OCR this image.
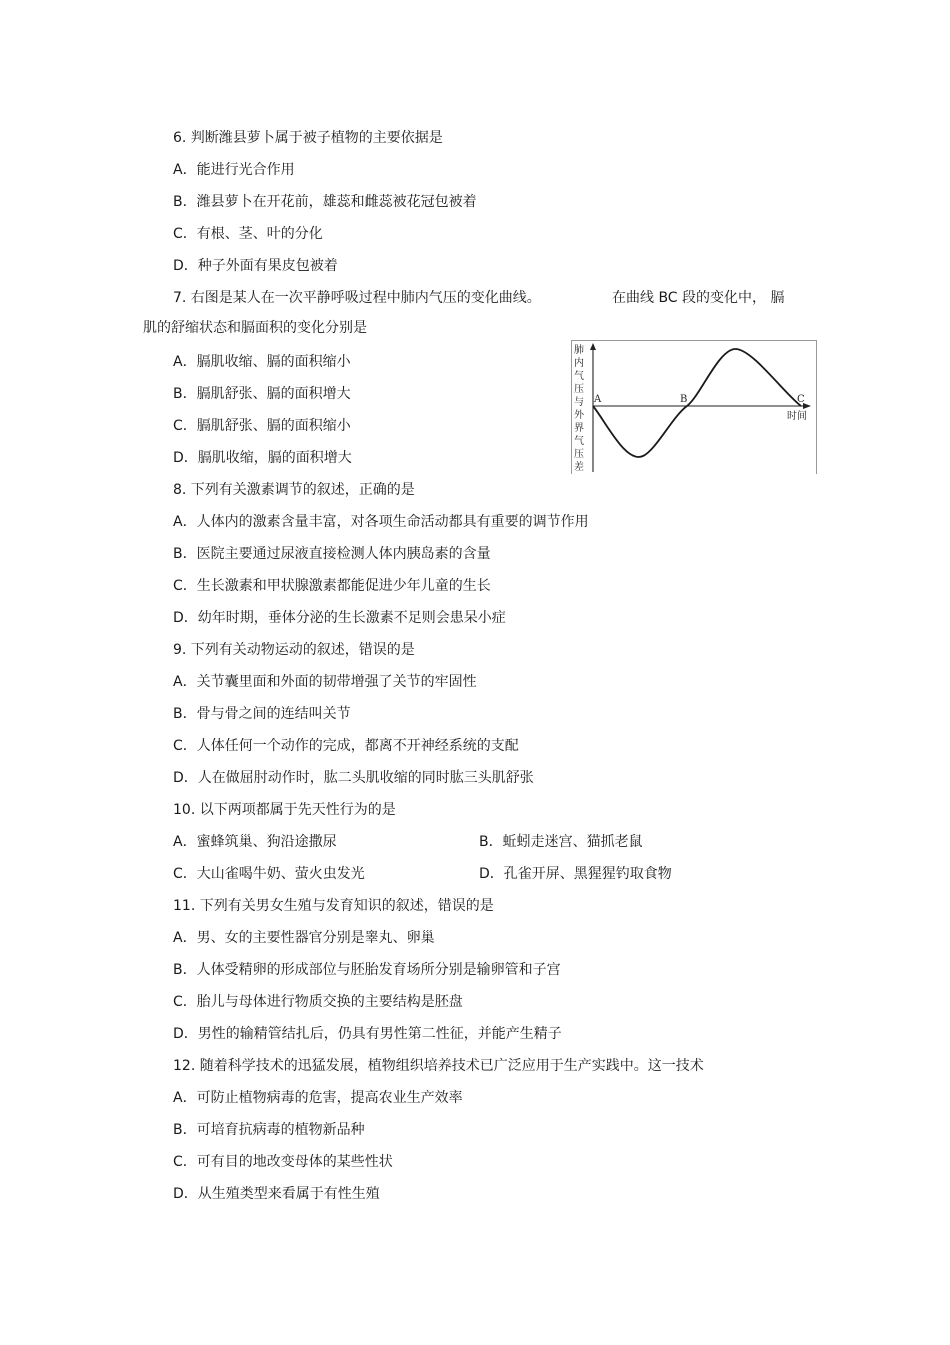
6. 判断潍县萝卜属于被子植物的主要依据是
A．能进行光合作用
B．潍县萝卜在开花前，雄蕊和雌蕊被花冠包被着
C．有根、茎、叶的分化
D．种子外面有果皮包被着
7. 右图是某人在一次平静呼吸过程中肺内气压的变化曲线。	在曲线 BC 段的变化中， 膈
肌的舒缩状态和膈面积的变化分别是
A．膈肌收缩、膈的面积缩小
B．膈肌舒张、膈的面积增大
C．膈肌舒张、膈的面积缩小
D．膈肌收缩，膈的面积增大
肺
内
气
压
与
外
界
气
压
差
A	B	C
时间
8. 下列有关激素调节的叙述，正确的是
A．人体内的激素含量丰富，对各项生命活动都具有重要的调节作用
B．医院主要通过尿液直接检测人体内胰岛素的含量
C．生长激素和甲状腺激素都能促进少年儿童的生长
D．幼年时期，垂体分泌的生长激素不足则会患呆小症
9. 下列有关动物运动的叙述，错误的是
A．关节囊里面和外面的韧带增强了关节的牢固性
B．骨与骨之间的连结叫关节
C．人体任何一个动作的完成，都离不开神经系统的支配
D．人在做屈肘动作时，肱二头肌收缩的同时肱三头肌舒张
10. 以下两项都属于先天性行为的是
A．蜜蜂筑巢、狗沿途撒尿	B．蚯蚓走迷宫、猫抓老鼠
C．大山雀喝牛奶、萤火虫发光	D．孔雀开屏、黑猩猩钓取食物
11. 下列有关男女生殖与发育知识的叙述，错误的是
A．男、女的主要性器官分别是睾丸、卵巢
B．人体受精卵的形成部位与胚胎发育场所分别是输卵管和子宫
C．胎儿与母体进行物质交换的主要结构是胚盘
D．男性的输精管结扎后，仍具有男性第二性征，并能产生精子
12. 随着科学技术的迅猛发展，植物组织培养技术已广泛应用于生产实践中。这一技术
A．可防止植物病毒的危害，提高农业生产效率
B．可培育抗病毒的植物新品种
C．可有目的地改变母体的某些性状
D．从生殖类型来看属于有性生殖
